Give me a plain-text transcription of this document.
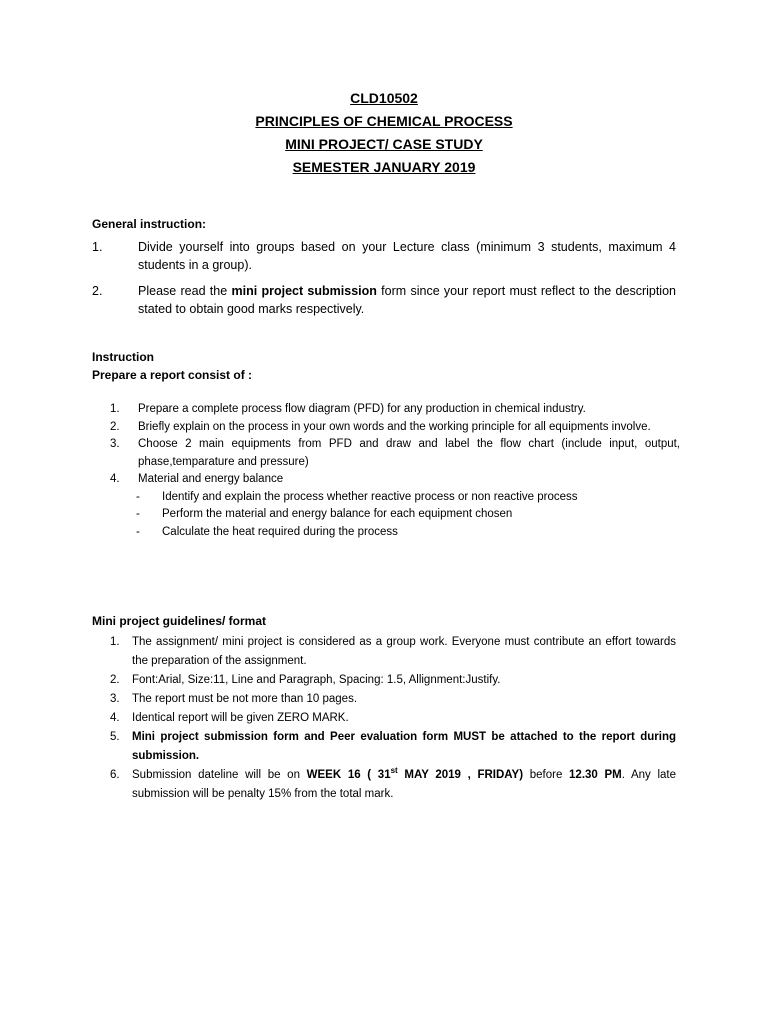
CLD10502
PRINCIPLES OF CHEMICAL PROCESS
MINI PROJECT/ CASE STUDY
SEMESTER JANUARY 2019
General instruction:
1.	Divide yourself into groups based on your Lecture class (minimum 3 students, maximum 4 students in a group).
2.	Please read the mini project submission form since your report must reflect to the description stated to obtain good marks respectively.
Instruction
Prepare a report consist of :
1. Prepare a complete process flow diagram (PFD) for any production in chemical industry.
2. Briefly explain on the process in your own words and the working principle for all equipments involve.
3. Choose 2 main equipments from PFD and draw and label the flow chart (include input, output, phase,temparature and pressure)
4. Material and energy balance
- Identify and explain the process whether reactive process or non reactive process
- Perform the material and energy balance for each equipment chosen
- Calculate the heat required during the process
Mini project guidelines/ format
1. The assignment/ mini project is considered as a group work. Everyone must contribute an effort towards the preparation of the assignment.
2. Font:Arial, Size:11, Line and Paragraph, Spacing: 1.5, Allignment:Justify.
3. The report must be not more than 10 pages.
4. Identical report will be given ZERO MARK.
5. Mini project submission form and Peer evaluation form MUST be attached to the report during submission.
6. Submission dateline will be on WEEK 16 ( 31st MAY 2019 , FRIDAY) before 12.30 PM. Any late submission will be penalty 15% from the total mark.
